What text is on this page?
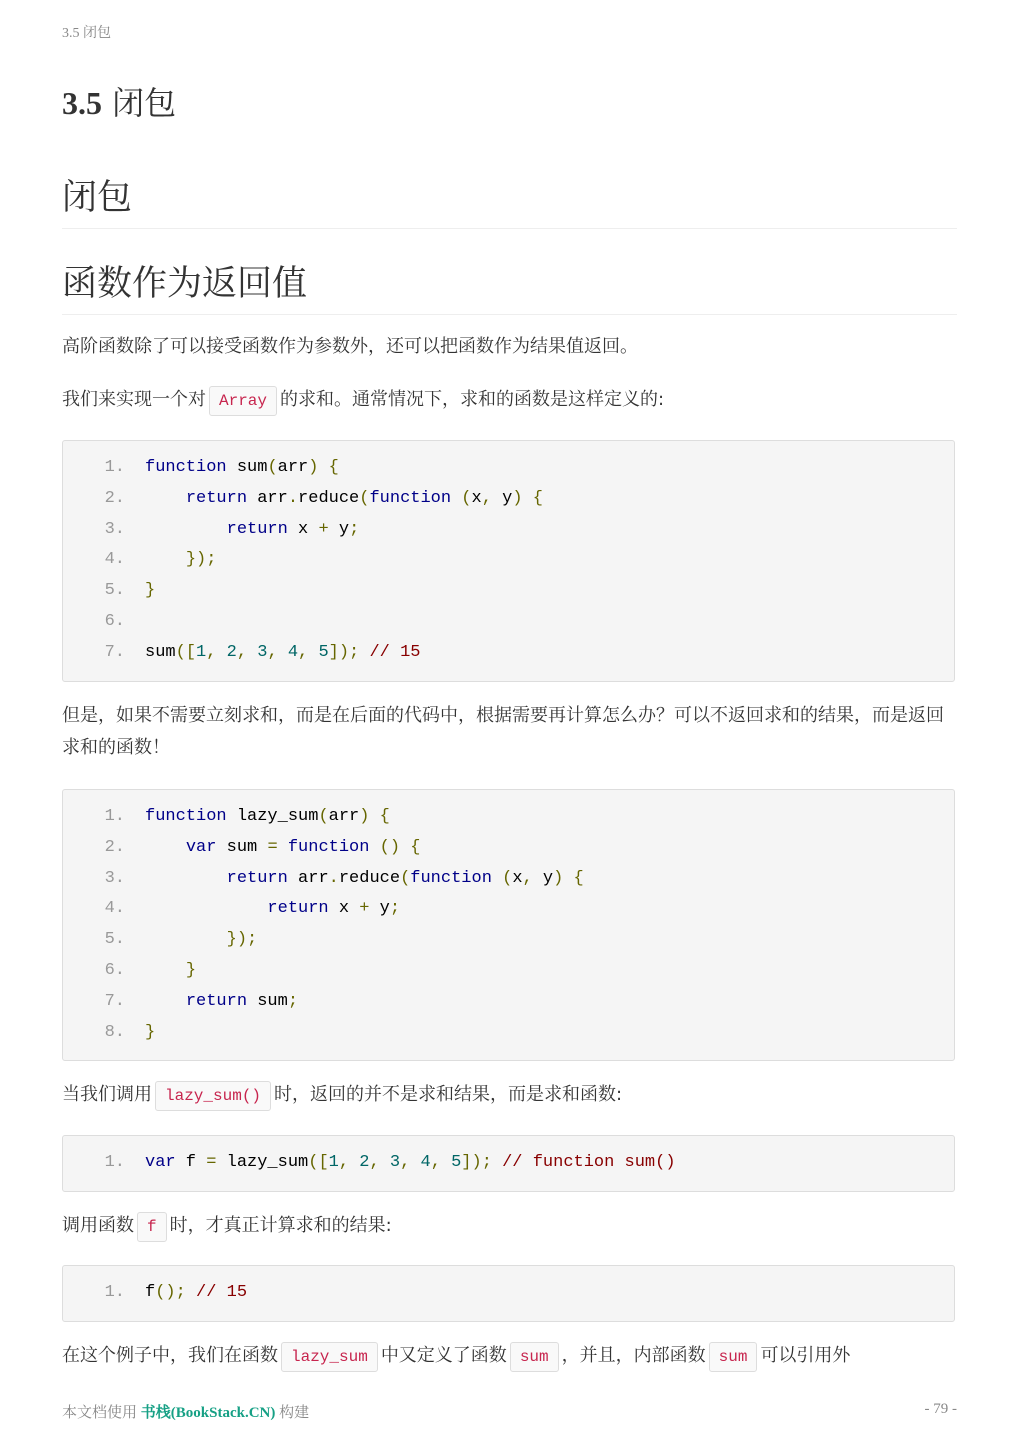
3.5 闭包
3.5 闭包
闭包
函数作为返回值

高阶函数除了可以接受函数作为参数外，还可以把函数作为结果值返回。

我们来实现一个对 Array 的求和。通常情况下，求和的函数是这样定义的:

1. function sum(arr) {
2.	return arr.reduce(function (x, y) {
3.	return x + y;
4.	});
5. }
6.
7. sum([1, 2, 3, 4, 5]); // 15

但是，如果不需要立刻求和，而是在后面的代码中，根据需要再计算怎么办？可以不返回求和的结果，而是返回求和的函数！

1. function lazy_sum(arr) {
2.	var sum = function () {
3.	return arr.reduce(function (x, y) {
4.	return x + y;
5.	});
6.	}
7.	return sum;
8. }

当我们调用 lazy_sum() 时，返回的并不是求和结果，而是求和函数:

1. var f = lazy_sum([1, 2, 3, 4, 5]); // function sum()

调用函数 f 时，才真正计算求和的结果:

1. f(); // 15

在这个例子中，我们在函数 lazy_sum 中又定义了函数 sum ，并且，内部函数 sum 可以引用外

本文档使用 书栈(BookStack.CN) 构建	- 79 -
